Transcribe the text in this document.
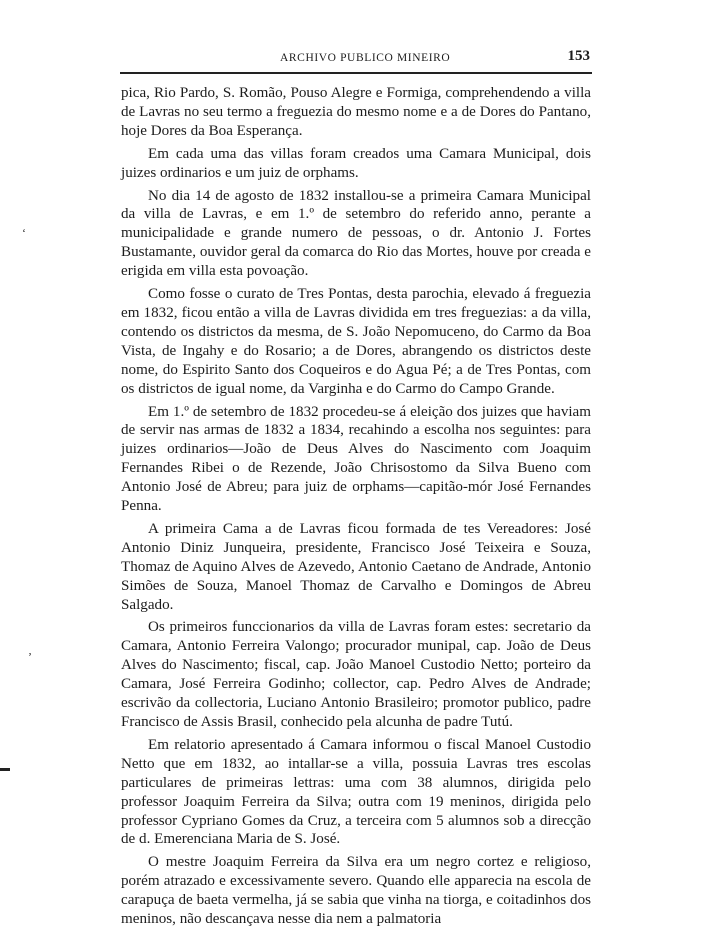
ARCHIVO PUBLICO MINEIRO	153

pica, Rio Pardo, S. Romão, Pouso Alegre e Formiga, comprehendendo a villa de Lavras no seu termo a freguezia do mesmo nome e a de Dores do Pantano, hoje Dores da Boa Esperança.

Em cada uma das villas foram creados uma Camara Municipal, dois juizes ordinarios e um juiz de orphams.

No dia 14 de agosto de 1832 installou-se a primeira Camara Municipal da villa de Lavras, e em 1.º de setembro do referido anno, perante a municipalidade e grande numero de pessoas, o dr. Antonio J. Fortes Bustamante, ouvidor geral da comarca do Rio das Mortes, houve por creada e erigida em villa esta povoação.

Como fosse o curato de Tres Pontas, desta parochia, elevado á freguezia em 1832, ficou então a villa de Lavras dividida em tres freguezias: a da villa, contendo os districtos da mesma, de S. João Nepomuceno, do Carmo da Boa Vista, de Ingahy e do Rosario; a de Dores, abrangendo os districtos deste nome, do Espirito Santo dos Coqueiros e do Agua Pé; a de Tres Pontas, com os districtos de igual nome, da Varginha e do Carmo do Campo Grande.

Em 1.º de setembro de 1832 procedeu-se á eleição dos juizes que haviam de servir nas armas de 1832 a 1834, recahindo a escolha nos seguintes: para juizes ordinarios—João de Deus Alves do Nascimento com Joaquim Fernandes Ribei o de Rezende, João Chrisostomo da Silva Bueno com Antonio José de Abreu; para juiz de orphams—capitão-mór José Fernandes Penna.

A primeira Cama a de Lavras ficou formada de tes Vereadores: José Antonio Diniz Junqueira, presidente, Francisco José Teixeira e Souza, Thomaz de Aquino Alves de Azevedo, Antonio Caetano de Andrade, Antonio Simões de Souza, Manoel Thomaz de Carvalho e Domingos de Abreu Salgado.

Os primeiros funccionarios da villa de Lavras foram estes: secretario da Camara, Antonio Ferreira Valongo; procurador munipal, cap. João de Deus Alves do Nascimento; fiscal, cap. João Manoel Custodio Netto; porteiro da Camara, José Ferreira Godinho; collector, cap. Pedro Alves de Andrade; escrivão da collectoria, Luciano Antonio Brasileiro; promotor publico, padre Francisco de Assis Brasil, conhecido pela alcunha de padre Tutú.

Em relatorio apresentado á Camara informou o fiscal Manoel Custodio Netto que em 1832, ao intallar-se a villa, possuia Lavras tres escolas particulares de primeiras lettras: uma com 38 alumnos, dirigida pelo professor Joaquim Ferreira da Silva; outra com 19 meninos, dirigida pelo professor Cypriano Gomes da Cruz, a terceira com 5 alumnos sob a direcção de d. Emerenciana Maria de S. José.

O mestre Joaquim Ferreira da Silva era um negro cortez e religioso, porém atrazado e excessivamente severo. Quando elle apparecia na escola de carapuça de baeta vermelha, já se sabia que vinha na tiorga, e coitadinhos dos meninos, não descançava nesse dia nem a palmatoria

ʻ
ʼ
